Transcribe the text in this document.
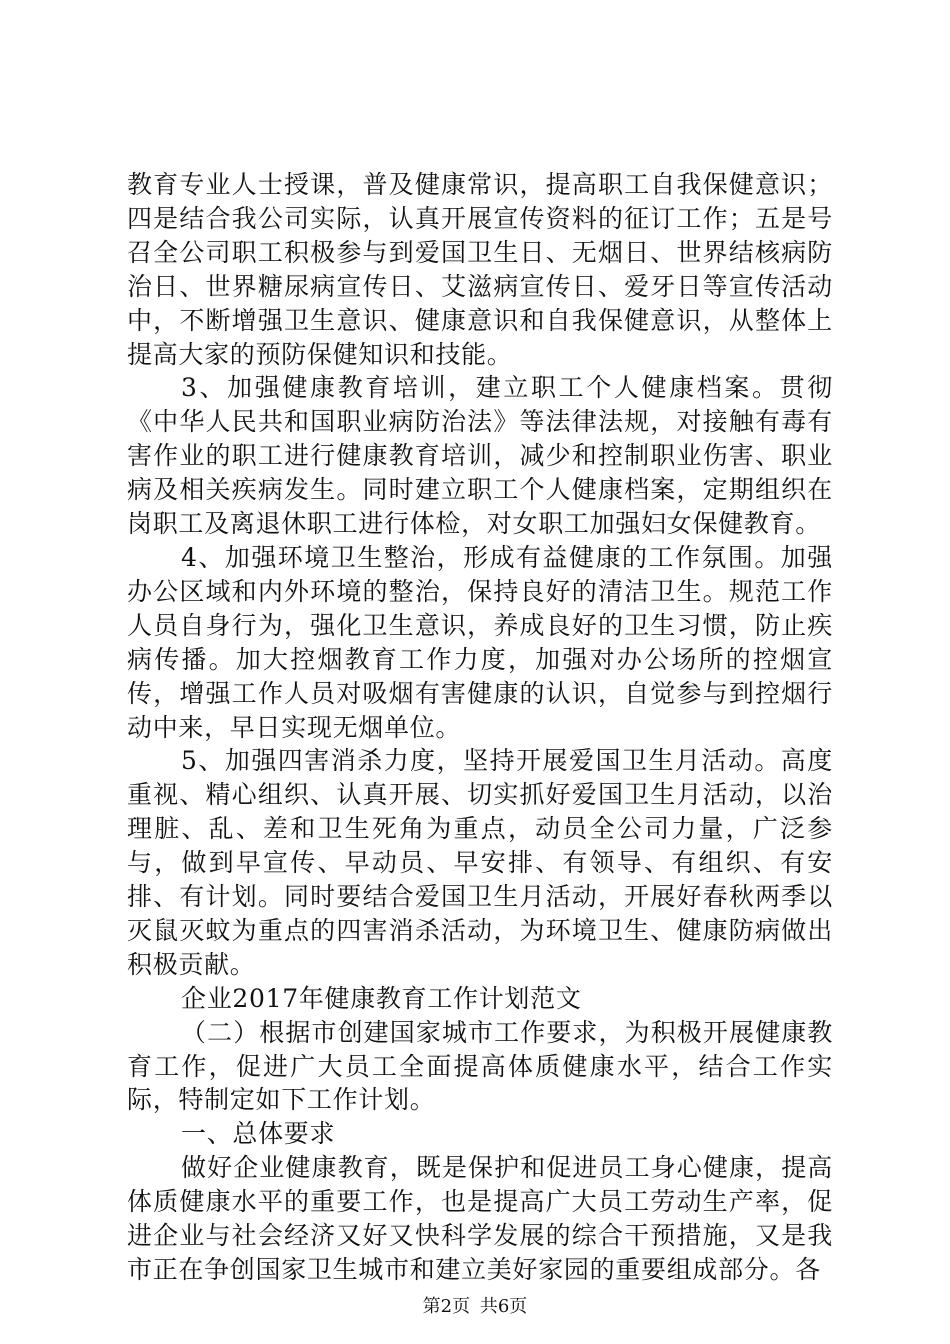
教育专业人士授课，普及健康常识，提高职工自我保健意识；四是结合我公司实际，认真开展宣传资料的征订工作；五是号召全公司职工积极参与到爱国卫生日、无烟日、世界结核病防治日、世界糖尿病宣传日、艾滋病宣传日、爱牙日等宣传活动中，不断增强卫生意识、健康意识和自我保健意识，从整体上提高大家的预防保健知识和技能。

3、加强健康教育培训，建立职工个人健康档案。贯彻《中华人民共和国职业病防治法》等法律法规，对接触有毒有害作业的职工进行健康教育培训，减少和控制职业伤害、职业病及相关疾病发生。同时建立职工个人健康档案，定期组织在岗职工及离退休职工进行体检，对女职工加强妇女保健教育。

4、加强环境卫生整治，形成有益健康的工作氛围。加强办公区域和内外环境的整治，保持良好的清洁卫生。规范工作人员自身行为，强化卫生意识，养成良好的卫生习惯，防止疾病传播。加大控烟教育工作力度，加强对办公场所的控烟宣传，增强工作人员对吸烟有害健康的认识，自觉参与到控烟行动中来，早日实现无烟单位。

5、加强四害消杀力度，坚持开展爱国卫生月活动。高度重视、精心组织、认真开展、切实抓好爱国卫生月活动，以治理脏、乱、差和卫生死角为重点，动员全公司力量，广泛参与，做到早宣传、早动员、早安排、有领导、有组织、有安排、有计划。同时要结合爱国卫生月活动，开展好春秋两季以灭鼠灭蚊为重点的四害消杀活动，为环境卫生、健康防病做出积极贡献。

企业2017年健康教育工作计划范文

（二）根据市创建国家城市工作要求，为积极开展健康教育工作，促进广大员工全面提高体质健康水平，结合工作实际，特制定如下工作计划。

一、总体要求

做好企业健康教育，既是保护和促进员工身心健康，提高体质健康水平的重要工作，也是提高广大员工劳动生产率，促进企业与社会经济又好又快科学发展的综合干预措施，又是我市正在争创国家卫生城市和建立美好家园的重要组成部分。各

第2页 共6页
